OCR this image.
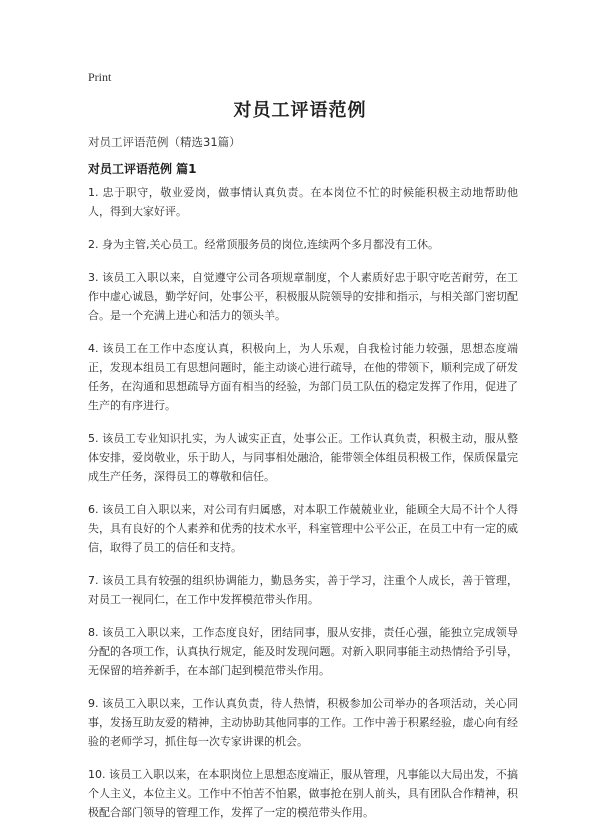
Print
对员工评语范例
对员工评语范例（精选31篇）
对员工评语范例 篇1

1. 忠于职守，敬业爱岗，做事情认真负责。在本岗位不忙的时候能积极主动地帮助他人，得到大家好评。

2. 身为主管,关心员工。经常顶服务员的岗位,连续两个多月都没有工休。

3. 该员工入职以来，自觉遵守公司各项规章制度，个人素质好忠于职守吃苦耐劳，在工作中虚心诚恳，勤学好问，处事公平，积极服从院领导的安排和指示，与相关部门密切配合。是一个充满上进心和活力的领头羊。

4. 该员工在工作中态度认真，积极向上，为人乐观，自我检讨能力较强，思想态度端正，发现本组员工有思想问题时，能主动谈心进行疏导，在他的带领下，顺利完成了研发任务，在沟通和思想疏导方面有相当的经验，为部门员工队伍的稳定发挥了作用，促进了生产的有序进行。

5. 该员工专业知识扎实，为人诚实正直，处事公正。工作认真负责，积极主动，服从整体安排，爱岗敬业，乐于助人，与同事相处融洽，能带领全体组员积极工作，保质保量完成生产任务，深得员工的尊敬和信任。

6. 该员工自入职以来，对公司有归属感，对本职工作兢兢业业，能顾全大局不计个人得失，具有良好的个人素养和优秀的技术水平，科室管理中公平公正，在员工中有一定的威信，取得了员工的信任和支持。

7. 该员工具有较强的组织协调能力，勤恳务实，善于学习，注重个人成长，善于管理，对员工一视同仁，在工作中发挥模范带头作用。

8. 该员工入职以来，工作态度良好，团结同事，服从安排，责任心强，能独立完成领导分配的各项工作，认真执行规定，能及时发现问题。对新入职同事能主动热情给予引导，无保留的培养新手，在本部门起到模范带头作用。

9. 该员工入职以来，工作认真负责，待人热情，积极参加公司举办的各项活动，关心同事，发扬互助友爱的精神，主动协助其他同事的工作。工作中善于积累经验，虚心向有经验的老师学习，抓住每一次专家讲课的机会。

10. 该员工入职以来，在本职岗位上思想态度端正，服从管理，凡事能以大局出发，不搞个人主义，本位主义。工作中不怕苦不怕累，做事抢在别人前头，具有团队合作精神，积极配合部门领导的管理工作，发挥了一定的模范带头作用。
